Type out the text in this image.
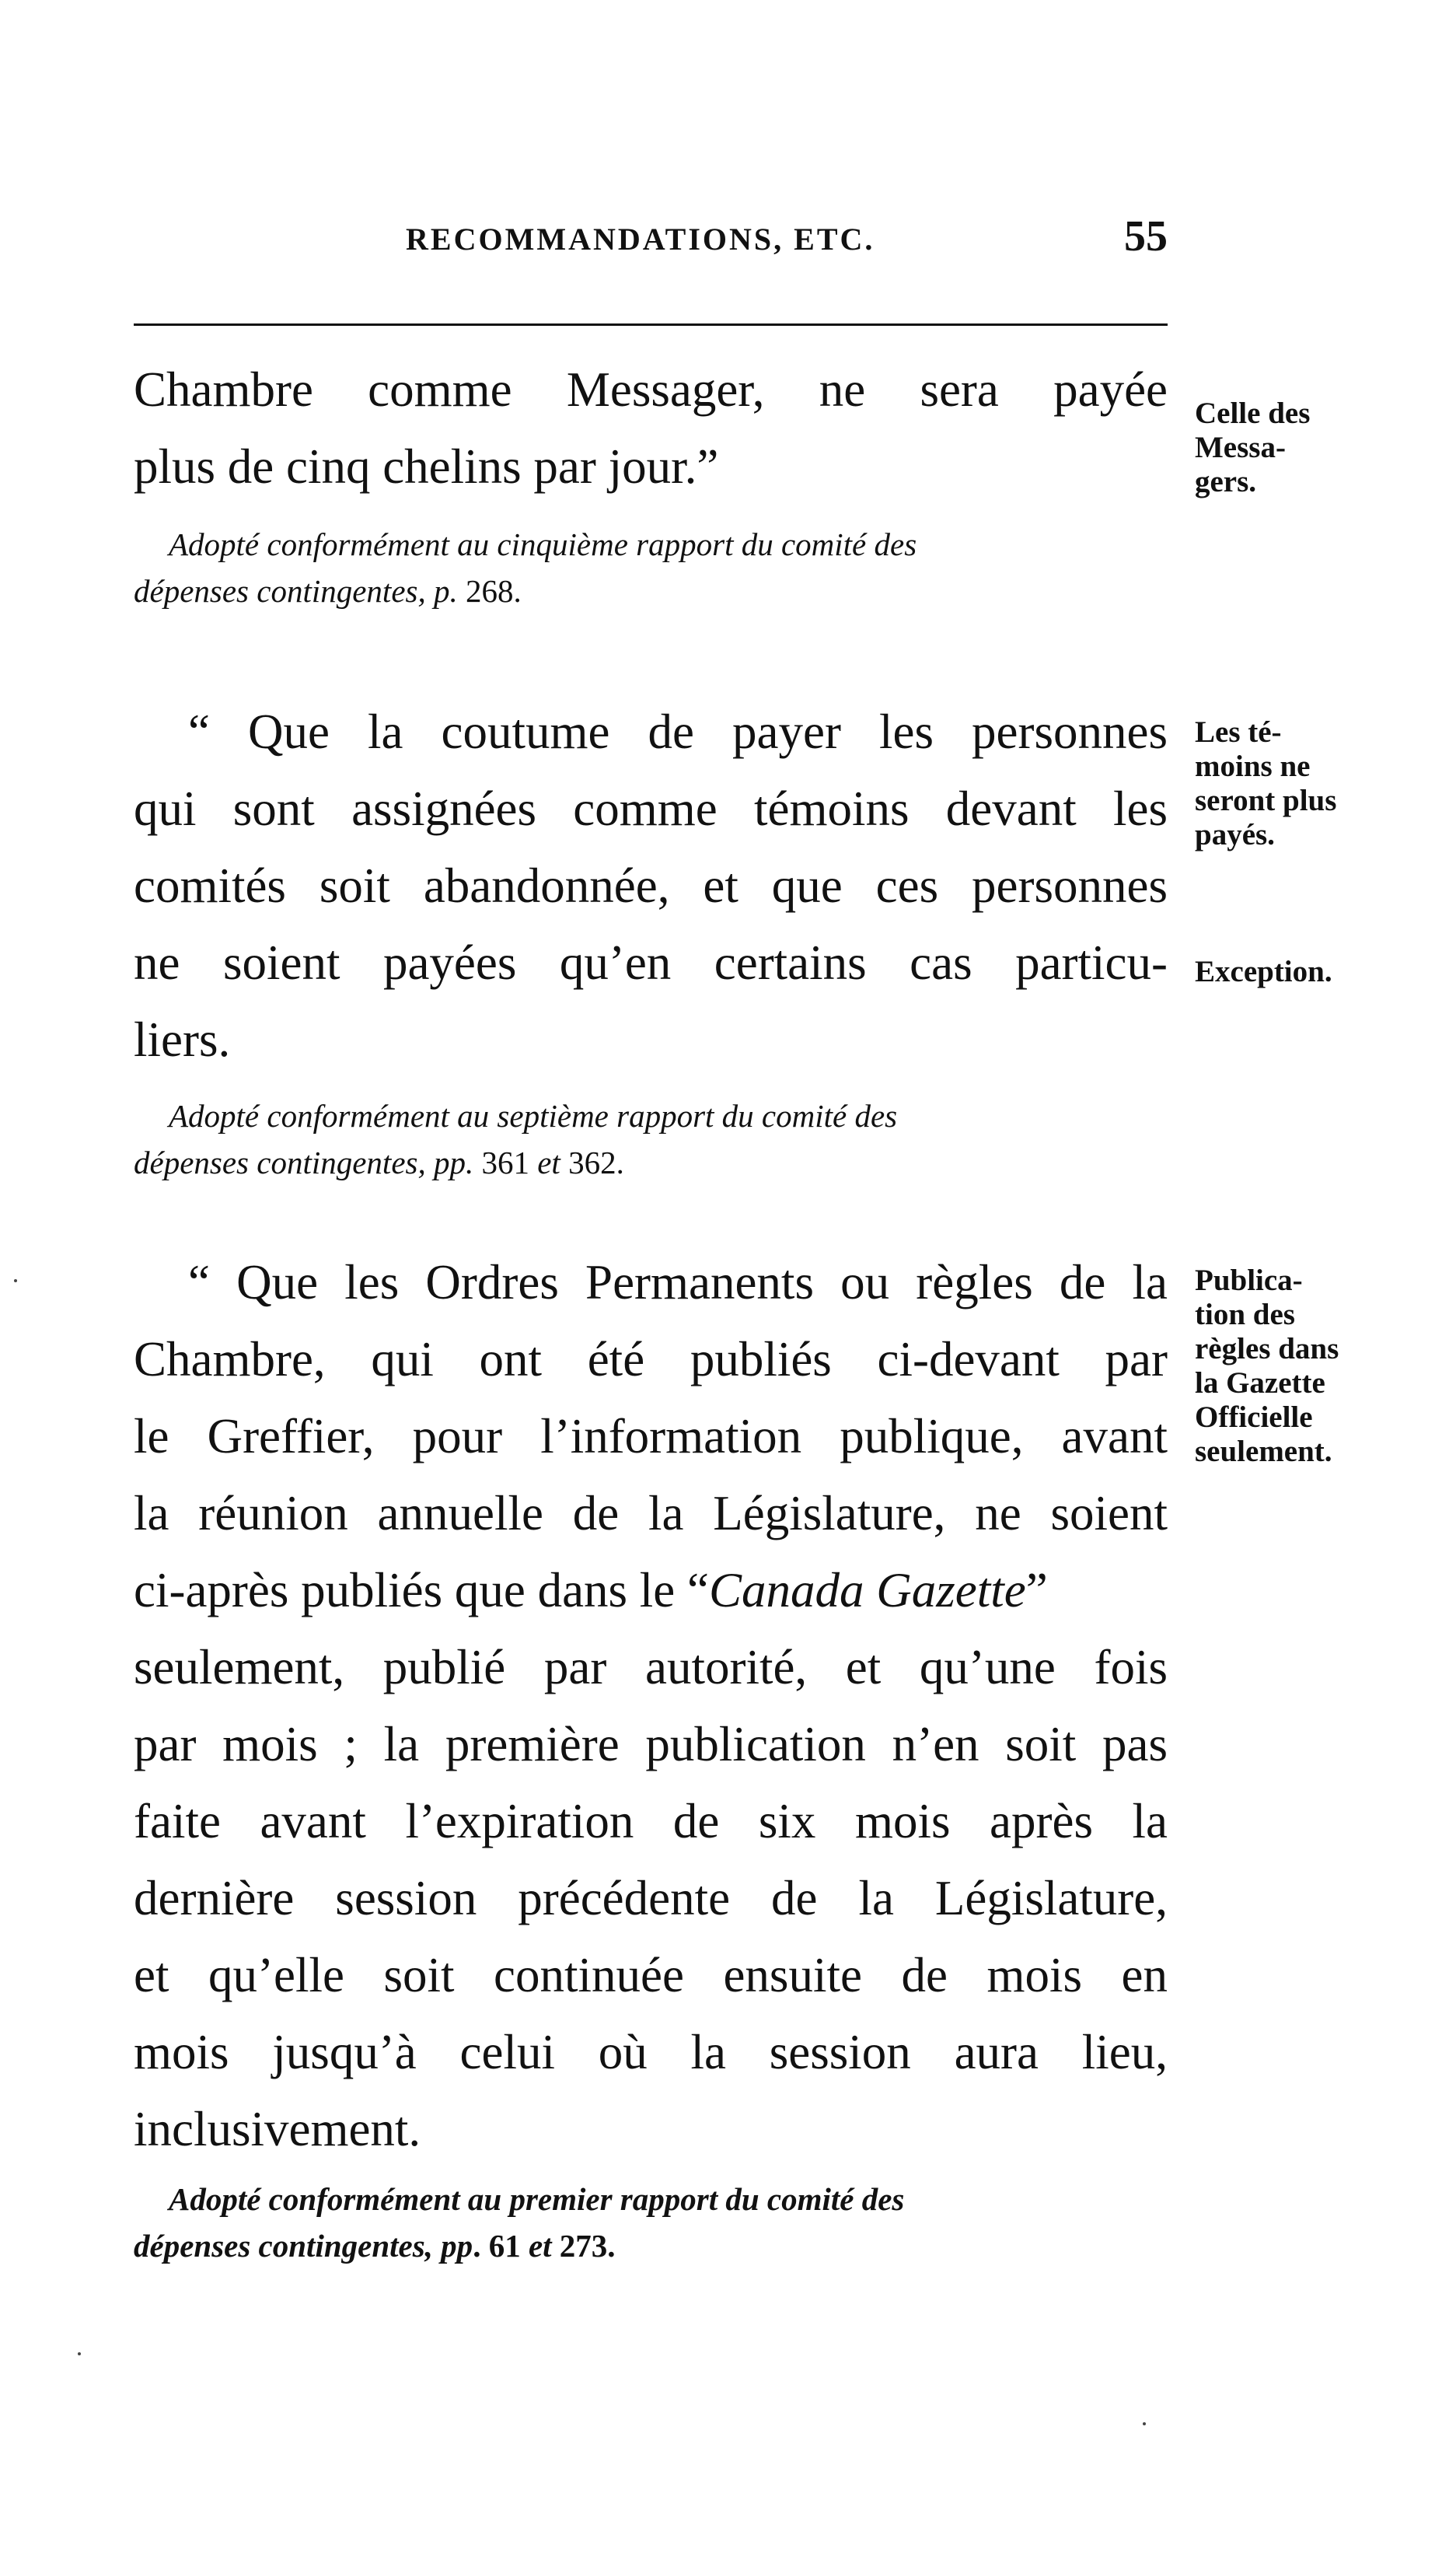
RECOMMANDATIONS, ETC.	55
Chambre comme Messager, ne sera payée
plus de cinq chelins par jour.”
Adopté conformément au cinquième rapport du comité des
dépenses contingentes, p. 268.
Celle des
Messa-
gers.
“ Que la coutume de payer les personnes
qui sont assignées comme témoins devant les
comités soit abandonnée, et que ces personnes
ne soient payées qu’en certains cas particu-
liers.
Adopté conformément au septième rapport du comité des
dépenses contingentes, pp. 361 et 362.
Les té-
moins ne
seront plus
payés.
Exception.
“ Que les Ordres Permanents ou règles de la
Chambre, qui ont été publiés ci-devant par
le Greffier, pour l’information publique, avant
la réunion annuelle de la Législature, ne soient
ci-après publiés que dans le “Canada Gazette”
seulement, publié par autorité, et qu’une fois
par mois ; la première publication n’en soit pas
faite avant l’expiration de six mois après la
dernière session précédente de la Législature,
et qu’elle soit continuée ensuite de mois en
mois jusqu’à celui où la session aura lieu,
inclusivement.
Adopté conformément au premier rapport du comité des
dépenses contingentes, pp. 61 et 273.
Publica-
tion des
règles dans
la Gazette
Officielle
seulement.
